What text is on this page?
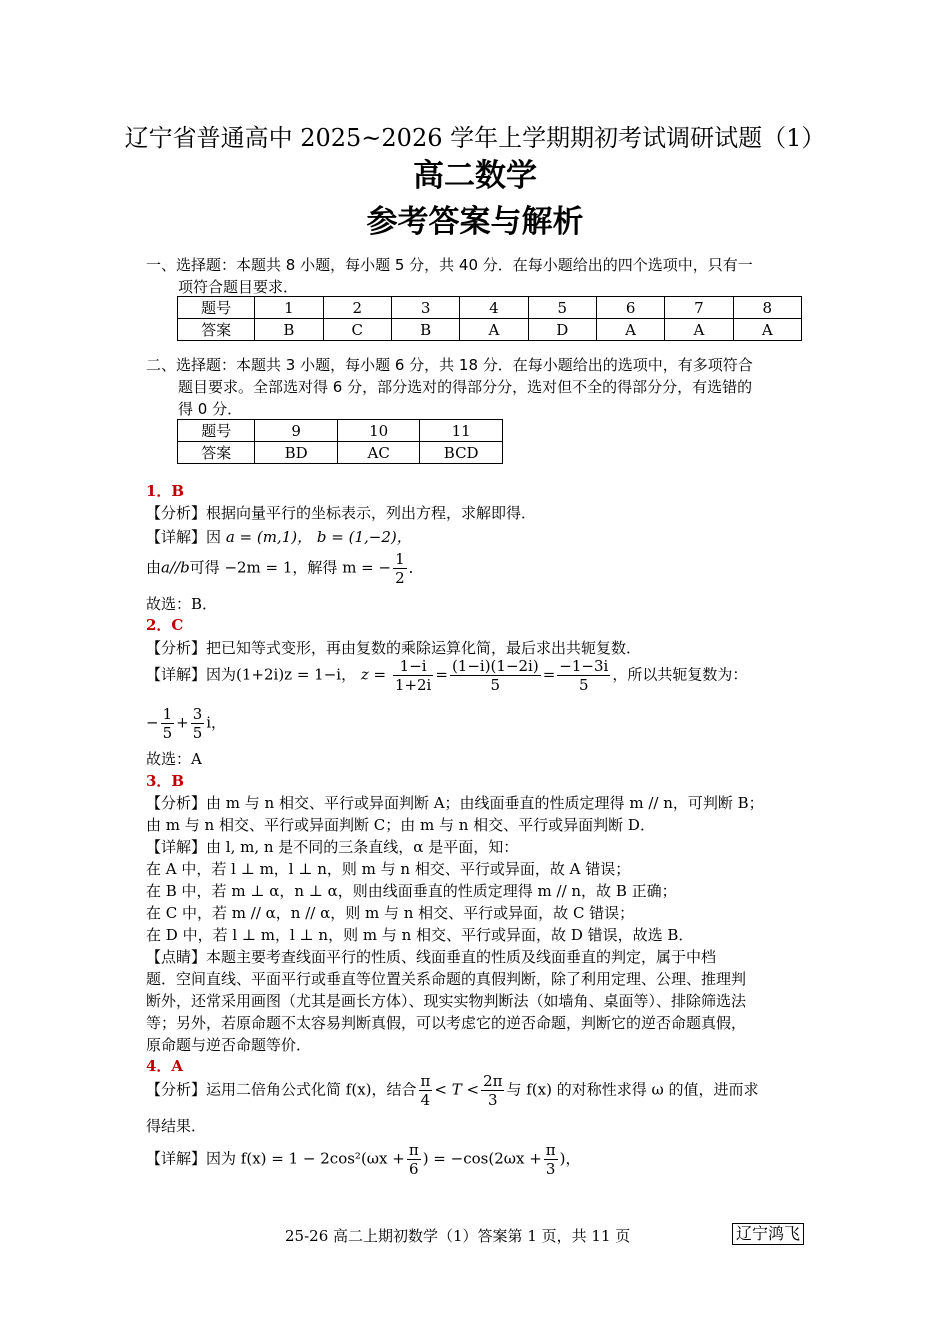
辽宁省普通高中 2025~2026 学年上学期期初考试调研试题（1）
高二数学
参考答案与解析
一、选择题：本题共 8 小题，每小题 5 分，共 40 分．在每小题给出的四个选项中，只有一
项符合题目要求．
题号	1	2	3	4	5	6	7	8
答案	B	C	B	A	D	A	A	A
二、选择题：本题共 3 小题，每小题 6 分，共 18 分．在每小题给出的选项中，有多项符合
题目要求。全部选对得 6 分，部分选对的得部分分，选对但不全的得部分分，有选错的
得 0 分．
题号	9	10	11
答案	BD	AC	BCD
1．B
【分析】根据向量平行的坐标表示，列出方程，求解即得．
【详解】因 a = (m,1)， b = (1,−2)，
由a//b可得 −2m = 1，解得 m = − $\frac{1}{2}$ ．
故选：B．
2．C
【分析】把已知等式变形，再由复数的乘除运算化简，最后求出共轭复数．
【详解】因为(1+2i)z = 1−i， $z = \frac{1-i}{1+2i} = \frac{(1-i)(1-2i)}{5} = \frac{-1-3i}{5}$ ，所以共轭复数为：
− $\frac{1}{5} + \frac{3}{5}$ i，
故选：A
3．B
【分析】由 m 与 n 相交、平行或异面判断 A；由线面垂直的性质定理得 m // n，可判断 B；
由 m 与 n 相交、平行或异面判断 C；由 m 与 n 相交、平行或异面判断 D．
【详解】由 l, m, n 是不同的三条直线，α 是平面，知：
在 A 中，若 l ⊥ m，l ⊥ n，则 m 与 n 相交、平行或异面，故 A 错误；
在 B 中，若 m ⊥ α，n ⊥ α，则由线面垂直的性质定理得 m // n，故 B 正确；
在 C 中，若 m // α，n // α，则 m 与 n 相交、平行或异面，故 C 错误；
在 D 中，若 l ⊥ m，l ⊥ n，则 m 与 n 相交、平行或异面，故 D 错误，故选 B．
【点睛】本题主要考查线面平行的性质、线面垂直的性质及线面垂直的判定，属于中档
题．空间直线、平面平行或垂直等位置关系命题的真假判断，除了利用定理、公理、推理判
断外，还常采用画图（尤其是画长方体）、现实实物判断法（如墙角、桌面等）、排除筛选法
等；另外，若原命题不太容易判断真假，可以考虑它的逆否命题，判断它的逆否命题真假，
原命题与逆否命题等价．
4．A
【分析】运用二倍角公式化简 f(x)，结合 $\frac{\pi}{4} < T < \frac{2\pi}{3}$ 与 f(x) 的对称性求得 ω 的值，进而求
得结果．
【详解】因为 $f(x) = 1 - 2\cos^2(\omega x + \frac{\pi}{6}$ ) = $-\cos(2\omega x + \frac{\pi}{3}$ )，
25-26 高二上期初数学（1）答案第 1 页，共 11 页	辽宁鸿飞
